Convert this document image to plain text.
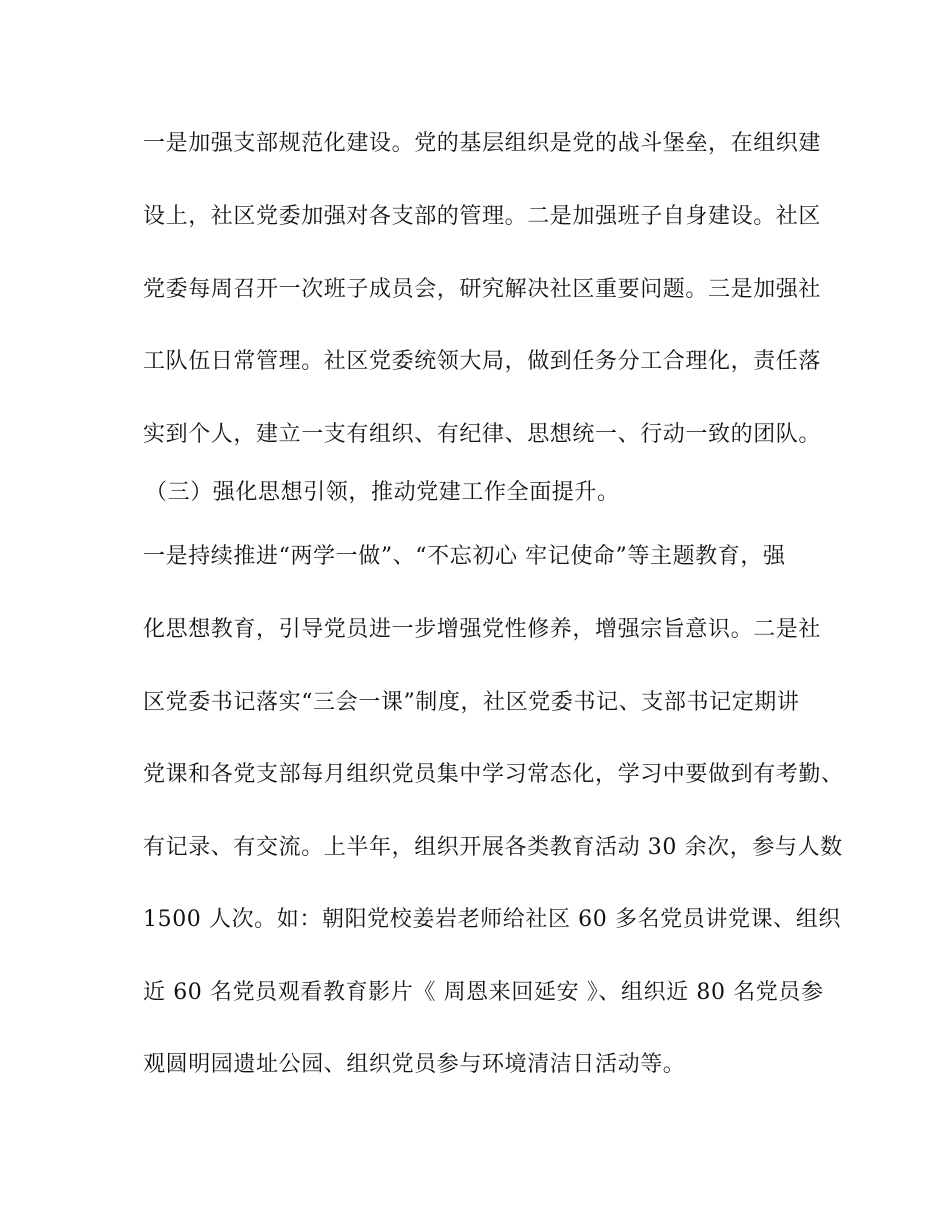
一是加强支部规范化建设。党的基层组织是党的战斗堡垒，在组织建
设上，社区党委加强对各支部的管理。二是加强班子自身建设。社区
党委每周召开一次班子成员会，研究解决社区重要问题。三是加强社
工队伍日常管理。社区党委统领大局，做到任务分工合理化，责任落
实到个人，建立一支有组织、有纪律、思想统一、行动一致的团队。
（三）强化思想引领，推动党建工作全面提升。
一是持续推进“两学一做”、“不忘初心 牢记使命”等主题教育，强
化思想教育，引导党员进一步增强党性修养，增强宗旨意识。二是社
区党委书记落实“三会一课”制度，社区党委书记、支部书记定期讲
党课和各党支部每月组织党员集中学习常态化，学习中要做到有考勤、
有记录、有交流。上半年，组织开展各类教育活动 30 余次，参与人数
1500 人次。如：朝阳党校姜岩老师给社区 60 多名党员讲党课、组织
近 60 名党员观看教育影片《 周恩来回延安 》、组织近 80 名党员参
观圆明园遗址公园、组织党员参与环境清洁日活动等。
